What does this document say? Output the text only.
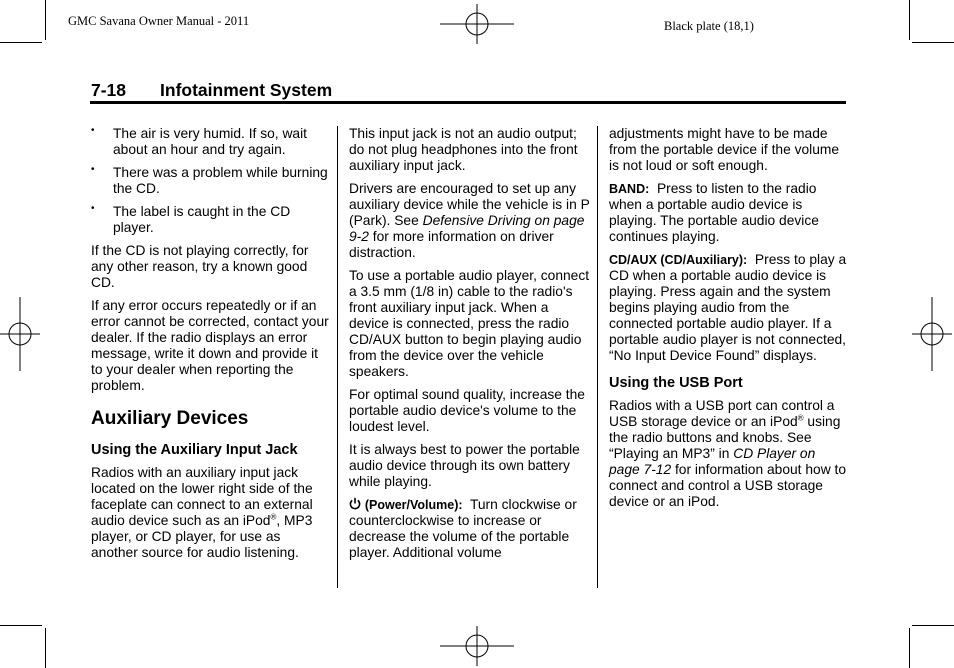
GMC Savana Owner Manual - 2011	Black plate (18,1)
7-18 Infotainment System
• The air is very humid. If so, wait about an hour and try again.
• There was a problem while burning the CD.
• The label is caught in the CD player.

If the CD is not playing correctly, for any other reason, try a known good CD.

If any error occurs repeatedly or if an error cannot be corrected, contact your dealer. If the radio displays an error message, write it down and provide it to your dealer when reporting the problem.

Auxiliary Devices
Using the Auxiliary Input Jack

Radios with an auxiliary input jack located on the lower right side of the faceplate can connect to an external audio device such as an iPod®, MP3 player, or CD player, for use as another source for audio listening.

This input jack is not an audio output; do not plug headphones into the front auxiliary input jack.

Drivers are encouraged to set up any auxiliary device while the vehicle is in P (Park). See Defensive Driving on page 9-2 for more information on driver distraction.

To use a portable audio player, connect a 3.5 mm (1/8 in) cable to the radio's front auxiliary input jack. When a device is connected, press the radio CD/AUX button to begin playing audio from the device over the vehicle speakers.

For optimal sound quality, increase the portable audio device's volume to the loudest level.

It is always best to power the portable audio device through its own battery while playing.

(Power/Volume): Turn clockwise or counterclockwise to increase or decrease the volume of the portable player. Additional volume

adjustments might have to be made from the portable device if the volume is not loud or soft enough.

BAND: Press to listen to the radio when a portable audio device is playing. The portable audio device continues playing.

CD/AUX (CD/Auxiliary): Press to play a CD when a portable audio device is playing. Press again and the system begins playing audio from the connected portable audio player. If a portable audio player is not connected, “No Input Device Found” displays.

Using the USB Port

Radios with a USB port can control a USB storage device or an iPod® using the radio buttons and knobs. See “Playing an MP3” in CD Player on page 7-12 for information about how to connect and control a USB storage device or an iPod.
